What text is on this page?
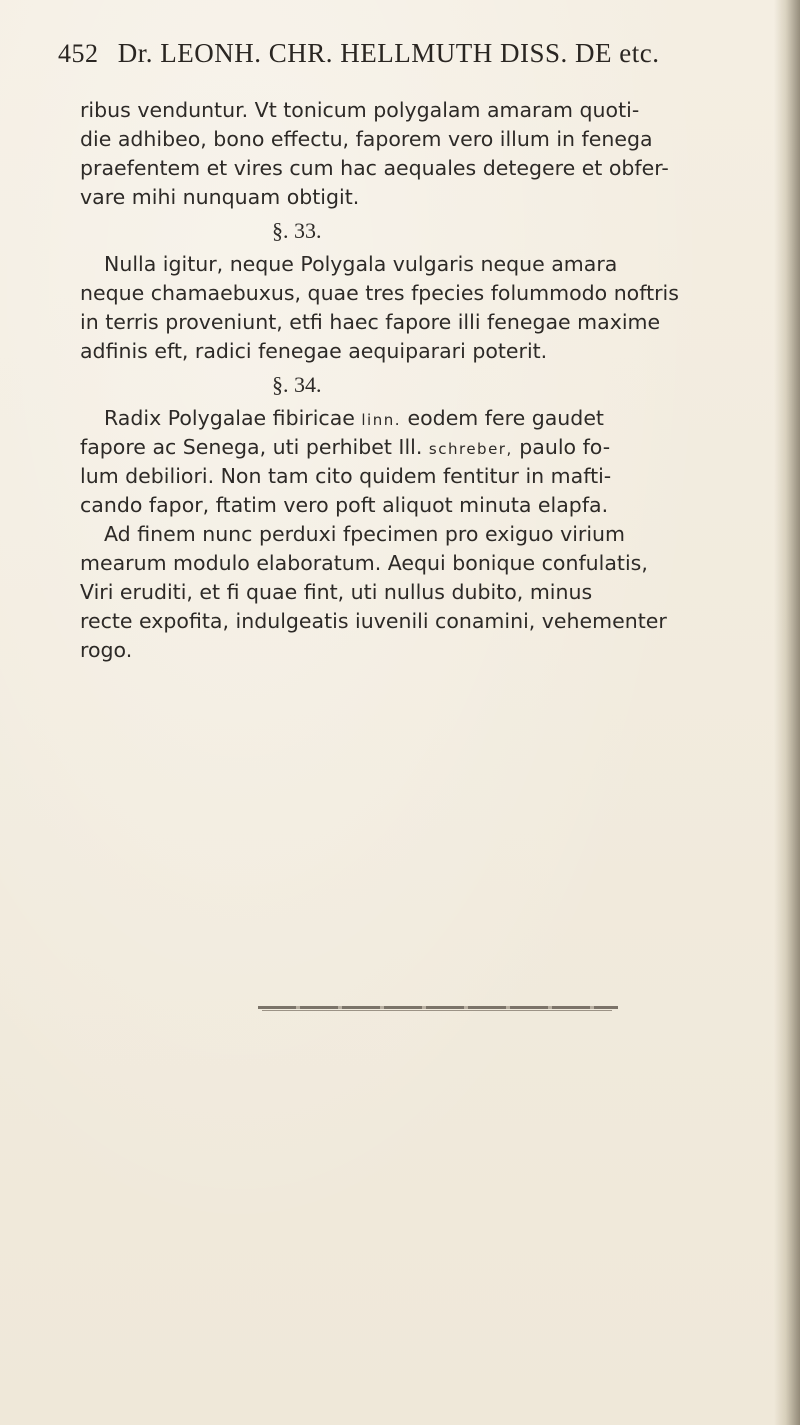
452 Dr. LEONH. CHR. HELLMUTH DISS. DE etc.
ribus venduntur. Vt tonicum polygalam amaram quoti-
die adhibeo, bono effectu, faporem vero illum in fenega
praefentem et vires cum hac aequales detegere et obfer-
vare mihi nunquam obtigit.
§. 33.
Nulla igitur, neque Polygala vulgaris neque amara
neque chamaebuxus, quae tres fpecies folummodo noftris
in terris proveniunt, etfi haec fapore illi fenegae maxime
adfinis eft, radici fenegae aequiparari poterit.
§. 34.
Radix Polygalae fibiricae linn. eodem fere gaudet
fapore ac Senega, uti perhibet Ill. schreber, paulo fo-
lum debiliori. Non tam cito quidem fentitur in mafti-
cando fapor, ftatim vero poft aliquot minuta elapfa.
Ad finem nunc perduxi fpecimen pro exiguo virium
mearum modulo elaboratum. Aequi bonique confulatis,
Viri eruditi, et fi quae fint, uti nullus dubito, minus
recte expofita, indulgeatis iuvenili conamini, vehementer
rogo.
